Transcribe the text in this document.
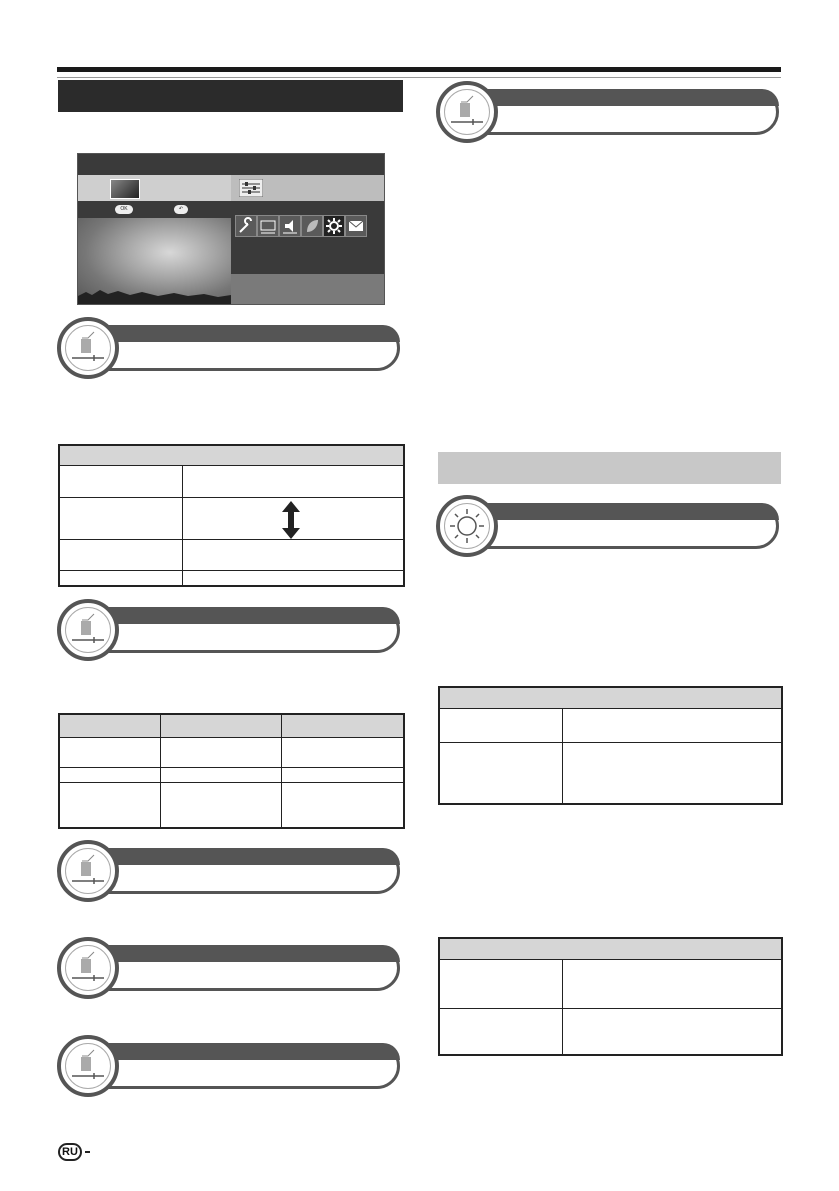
OK	↶
RU
